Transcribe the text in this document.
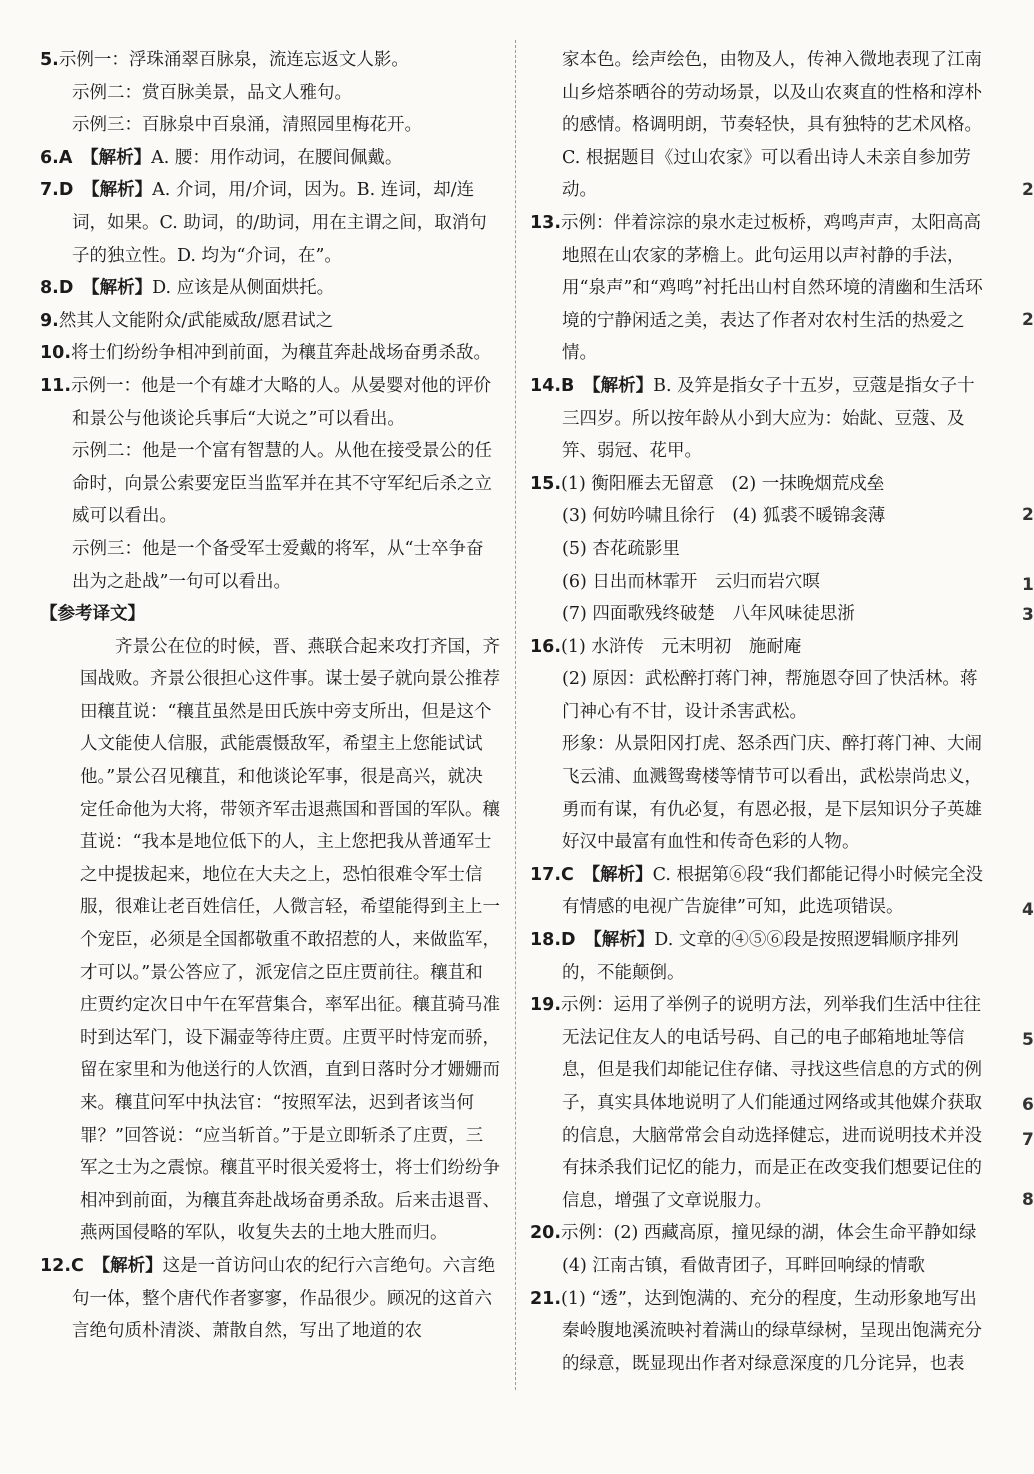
5.示例一：浮珠涌翠百脉泉，流连忘返文人影。
示例二：赏百脉美景，品文人雅句。
示例三：百脉泉中百泉涌，清照园里梅花开。
6.A　 【解析】A. 腰：用作动词，在腰间佩戴。
7.D　 【解析】A. 介词，用/介词，因为。B. 连词，却/连词，如果。C. 助词，的/助词，用在主谓之间，取消句子的独立性。D. 均为“介词，在”。
8.D　 【解析】D. 应该是从侧面烘托。
9.然其人文能附众/武能威敌/愿君试之
10.将士们纷纷争相冲到前面，为穰苴奔赴战场奋勇杀敌。
11.示例一：他是一个有雄才大略的人。从晏婴对他的评价和景公与他谈论兵事后“大说之”可以看出。
示例二：他是一个富有智慧的人。从他在接受景公的任命时，向景公索要宠臣当监军并在其不守军纪后杀之立威可以看出。
示例三：他是一个备受军士爱戴的将军，从“士卒争奋出为之赴战”一句可以看出。
【参考译文】
齐景公在位的时候，晋、燕联合起来攻打齐国，齐国战败。齐景公很担心这件事。谋士晏子就向景公推荐田穰苴说：“穰苴虽然是田氏族中旁支所出，但是这个人文能使人信服，武能震慑敌军，希望主上您能试试他。”景公召见穰苴，和他谈论军事，很是高兴，就决定任命他为大将，带领齐军击退燕国和晋国的军队。穰苴说：“我本是地位低下的人，主上您把我从普通军士之中提拔起来，地位在大夫之上，恐怕很难令军士信服，很难让老百姓信任，人微言轻，希望能得到主上一个宠臣，必须是全国都敬重不敢招惹的人，来做监军，才可以。”景公答应了，派宠信之臣庄贾前往。穰苴和庄贾约定次日中午在军营集合，率军出征。穰苴骑马准时到达军门，设下漏壶等待庄贾。庄贾平时恃宠而骄，留在家里和为他送行的人饮酒，直到日落时分才姗姗而来。穰苴问军中执法官：“按照军法，迟到者该当何罪？”回答说：“应当斩首。”于是立即斩杀了庄贾，三军之士为之震惊。穰苴平时很关爱将士，将士们纷纷争相冲到前面，为穰苴奔赴战场奋勇杀敌。后来击退晋、燕两国侵略的军队，收复失去的土地大胜而归。
12.C　 【解析】这是一首访问山农的纪行六言绝句。六言绝句一体，整个唐代作者寥寥，作品很少。顾况的这首六言绝句质朴清淡、萧散自然，写出了地道的农
家本色。绘声绘色，由物及人，传神入微地表现了江南山乡焙茶晒谷的劳动场景，以及山农爽直的性格和淳朴的感情。格调明朗，节奏轻快，具有独特的艺术风格。C. 根据题目《过山农家》可以看出诗人未亲自参加劳动。
13.示例：伴着淙淙的泉水走过板桥，鸡鸣声声，太阳高高地照在山农家的茅檐上。此句运用以声衬静的手法，用“泉声”和“鸡鸣”衬托出山村自然环境的清幽和生活环境的宁静闲适之美，表达了作者对农村生活的热爱之情。
14.B　 【解析】B. 及笄是指女子十五岁，豆蔻是指女子十三四岁。所以按年龄从小到大应为：始龀、豆蔻、及笄、弱冠、花甲。
15.(1) 衡阳雁去无留意　(2) 一抹晚烟荒戍垒
(3) 何妨吟啸且徐行　(4) 狐裘不暖锦衾薄
(5) 杏花疏影里
(6) 日出而林霏开　云归而岩穴暝
(7) 四面歌残终破楚　八年风味徒思浙
16.(1) 水浒传　元末明初　施耐庵
(2) 原因：武松醉打蒋门神，帮施恩夺回了快活林。蒋门神心有不甘，设计杀害武松。
形象：从景阳冈打虎、怒杀西门庆、醉打蒋门神、大闹飞云浦、血溅鸳鸯楼等情节可以看出，武松崇尚忠义，勇而有谋，有仇必复，有恩必报，是下层知识分子英雄好汉中最富有血性和传奇色彩的人物。
17.C　 【解析】C. 根据第⑥段“我们都能记得小时候完全没有情感的电视广告旋律”可知，此选项错误。
18.D　 【解析】D. 文章的④⑤⑥段是按照逻辑顺序排列的，不能颠倒。
19.示例：运用了举例子的说明方法，列举我们生活中往往无法记住友人的电话号码、自己的电子邮箱地址等信息，但是我们却能记住存储、寻找这些信息的方式的例子，真实具体地说明了人们能通过网络或其他媒介获取的信息，大脑常常会自动选择健忘，进而说明技术并没有抹杀我们记忆的能力，而是正在改变我们想要记住的信息，增强了文章说服力。
20.示例：(2) 西藏高原，撞见绿的湖，体会生命平静如绿
(4) 江南古镇，看做青团子，耳畔回响绿的情歌
21.(1) “透”，达到饱满的、充分的程度，生动形象地写出秦岭腹地溪流映衬着满山的绿草绿树，呈现出饱满充分的绿意，既显现出作者对绿意深度的几分诧异，也表
2
2
2
1
3
4
5
6
7
8
